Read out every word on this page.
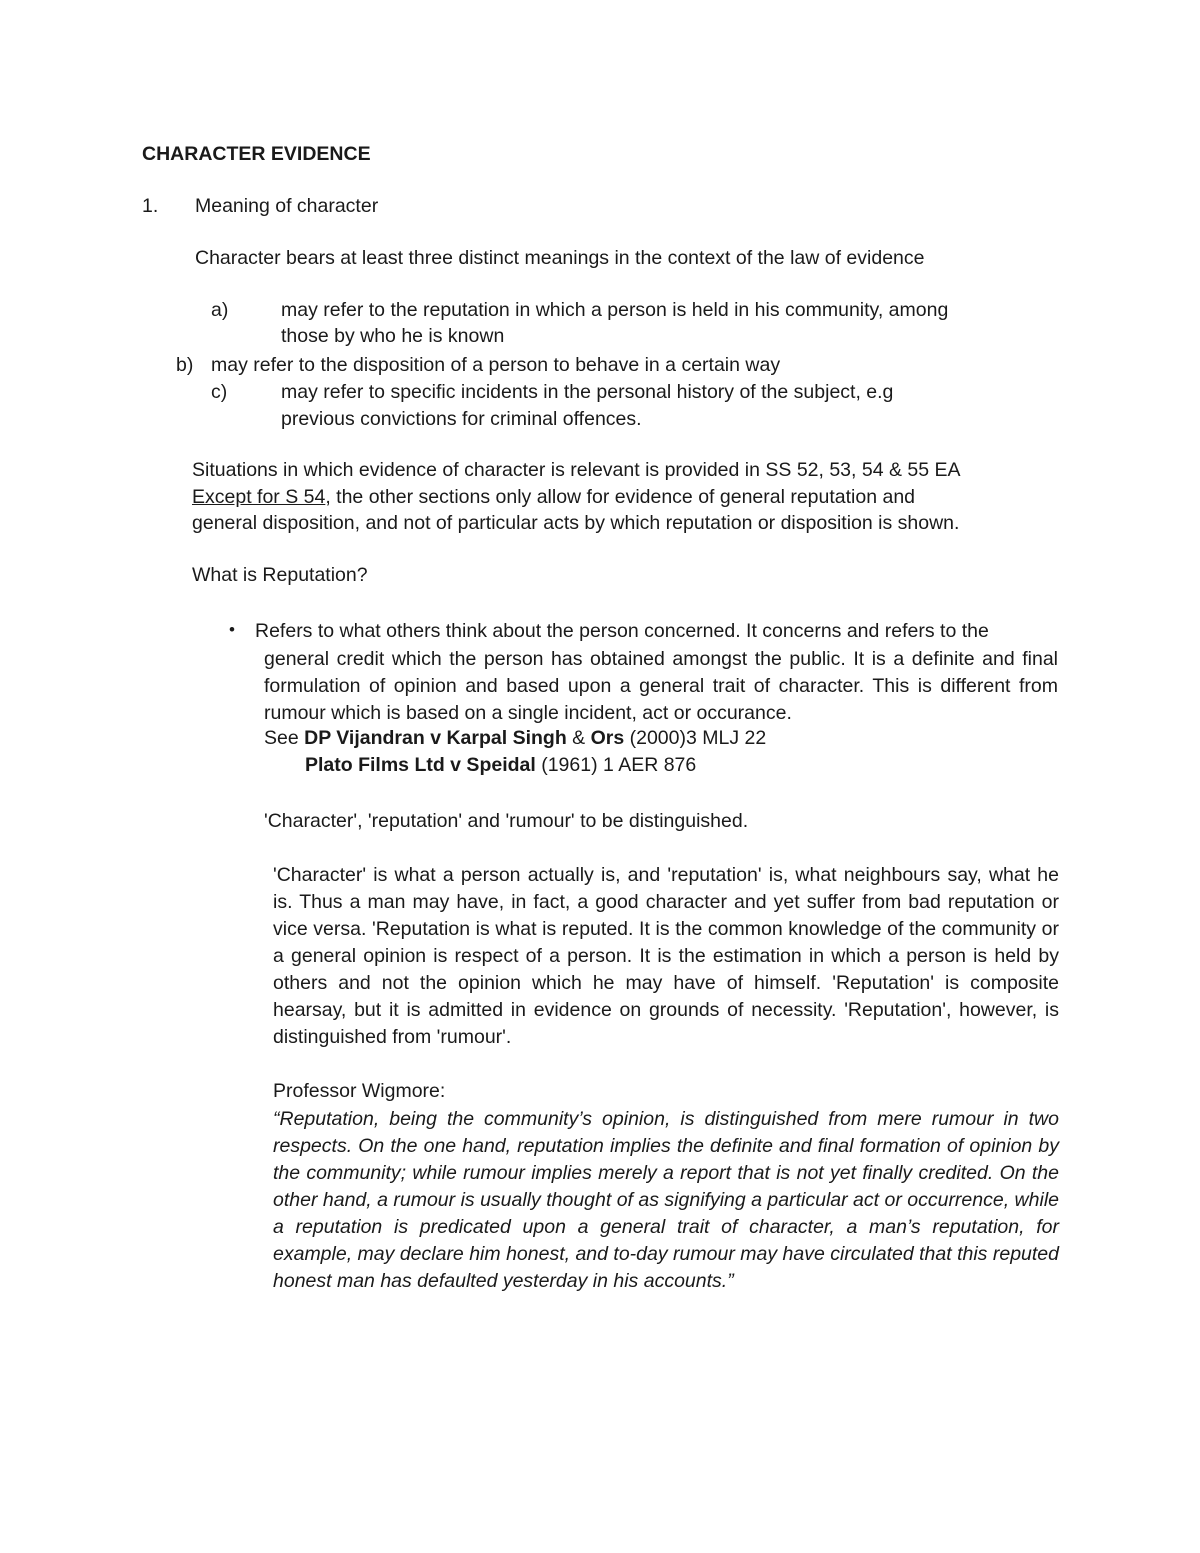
CHARACTER EVIDENCE

1. Meaning of character

Character bears at least three distinct meanings in the context of the law of evidence

a)	may refer to the reputation in which a person is held in his community, among

those by who he is known

b) may refer to the disposition of a person to behave in a certain way

c)	may refer to specific incidents in the personal history of the subject, e.g

previous convictions for criminal offences.

Situations in which evidence of character is relevant is provided in SS 52, 53, 54 & 55 EA

Except for S 54, the other sections only allow for evidence of general reputation and

general disposition, and not of particular acts by which reputation or disposition is shown.

What is Reputation?

• Refers to what others think about the person concerned. It concerns and refers to the

general credit which the person has obtained amongst the public. It is a definite and final formulation of opinion and based upon a general trait of character. This is different from rumour which is based on a single incident, act or occurance.

See DP Vijandran v Karpal Singh & Ors (2000)3 MLJ 22

Plato Films Ltd v Speidal (1961) 1 AER 876

'Character', 'reputation' and 'rumour' to be distinguished.

'Character' is what a person actually is, and 'reputation' is, what neighbours say, what he is. Thus a man may have, in fact, a good character and yet suffer from bad reputation or vice versa. 'Reputation is what is reputed. It is the common knowledge of the community or a general opinion is respect of a person. It is the estimation in which a person is held by others and not the opinion which he may have of himself. 'Reputation' is composite hearsay, but it is admitted in evidence on grounds of necessity. 'Reputation', however, is distinguished from 'rumour'.

Professor Wigmore:

“Reputation, being the community’s opinion, is distinguished from mere rumour in two respects. On the one hand, reputation implies the definite and final formation of opinion by the community; while rumour implies merely a report that is not yet finally credited. On the other hand, a rumour is usually thought of as signifying a particular act or occurrence, while a reputation is predicated upon a general trait of character, a man’s reputation, for example, may declare him honest, and to-day rumour may have circulated that this reputed honest man has defaulted yesterday in his accounts.”
